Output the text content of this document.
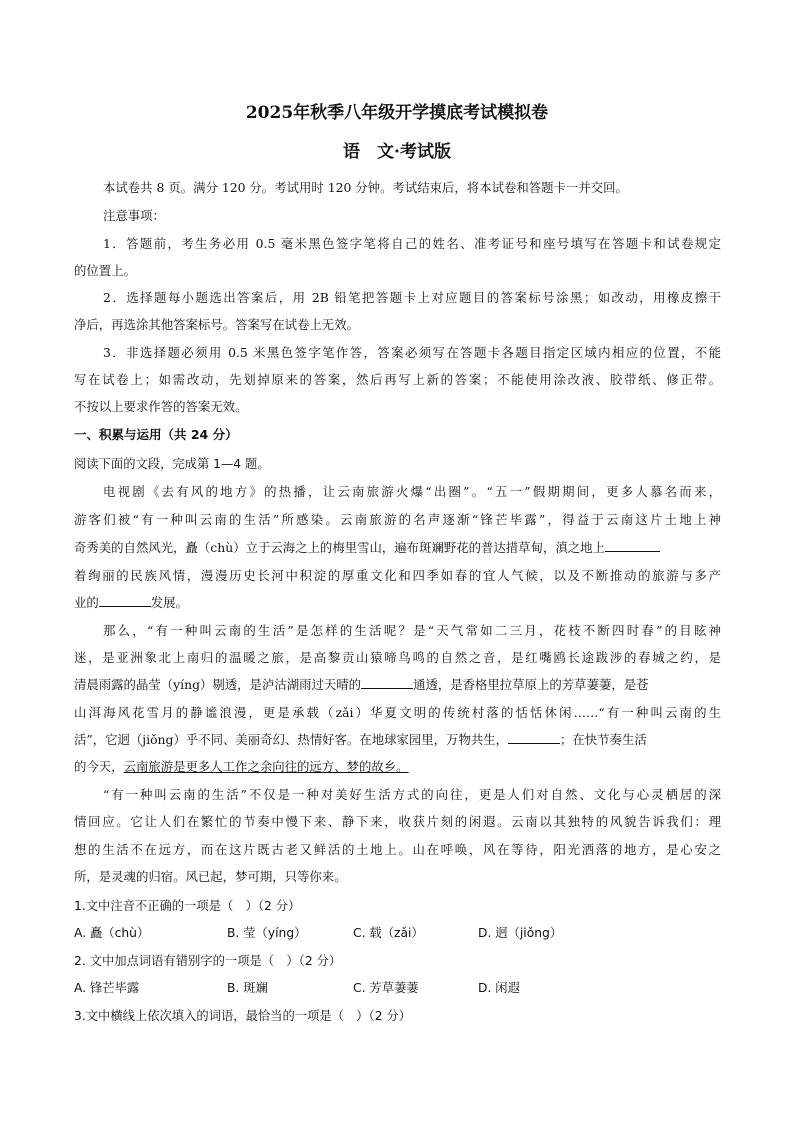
2025年秋季八年级开学摸底考试模拟卷
语　文·考试版
本试卷共 8 页。满分 120 分。考试用时 120 分钟。考试结束后，将本试卷和答题卡一并交回。
注意事项：
1．答题前，考生务必用 0.5 毫米黑色签字笔将自己的姓名、准考证号和座号填写在答题卡和试卷规定
的位置上。
2．选择题每小题选出答案后，用 2B 铅笔把答题卡上对应题目的答案标号涂黑；如改动，用橡皮擦干
净后，再选涂其他答案标号。答案写在试卷上无效。
3．非选择题必须用 0.5 米黑色签字笔作答，答案必须写在答题卡各题目指定区域内相应的位置，不能
写在试卷上；如需改动，先划掉原来的答案，然后再写上新的答案；不能使用涂改液、胶带纸、修正带。
不按以上要求作答的答案无效。
一、积累与运用（共 24 分）
阅读下面的文段，完成第 1—4 题。
电视剧《去有风的地方》的热播，让云南旅游火爆“出圈”。“五一”假期期间，更多人慕名而来，
游客们被“有一种叫云南的生活”所感染。云南旅游的名声逐渐“锋芒毕露”，得益于云南这片土地上神
奇秀美的自然风光，矗（chù）立于云海之上的梅里雪山，遍布斑斓野花的普达措草甸，滇之地上
着绚丽的民族风情，漫漫历史长河中积淀的厚重文化和四季如春的宜人气候，以及不断推动的旅游与多产
业的	发展。
那么，“有一种叫云南的生活”是怎样的生活呢？是“天气常如二三月，花枝不断四时春”的目眩神
迷，是亚洲象北上南归的温暖之旅，是高黎贡山猿啼鸟鸣的自然之音，是红嘴鸥长途跋涉的春城之约，是
清晨雨露的晶莹（yíng）剔透，是泸沽湖雨过天晴的	通透，是香格里拉草原上的芳草萋萋，是苍
山洱海风花雪月的静谧浪漫，更是承载（zǎi）华夏文明的传统村落的恬恬休闲……“有一种叫云南的生
活”，它迥（jiǒng）乎不同、美丽奇幻、热情好客。在地球家园里，万物共生，	；在快节奏生活
的今天，云南旅游是更多人工作之余向往的远方、梦的故乡。
“有一种叫云南的生活”不仅是一种对美好生活方式的向往，更是人们对自然、文化与心灵栖居的深
情回应。它让人们在繁忙的节奏中慢下来、静下来，收获片刻的闲遐。云南以其独特的风貌告诉我们：理
想的生活不在远方，而在这片既古老又鲜活的土地上。山在呼唤，风在等待，阳光洒落的地方，是心安之
所，是灵魂的归宿。风已起，梦可期，只等你来。
1.文中注音不正确的一项是（　）（2 分）
A. 矗（chù）	B. 莹（yíng）	C. 载（zǎi）	D. 迥（jiǒng）
2. 文中加点词语有错别字的一项是（　）（2 分）
A. 锋芒毕露	B. 斑斓	C. 芳草萋萋	D. 闲遐
3.文中横线上依次填入的词语，最恰当的一项是（　）（2 分）
